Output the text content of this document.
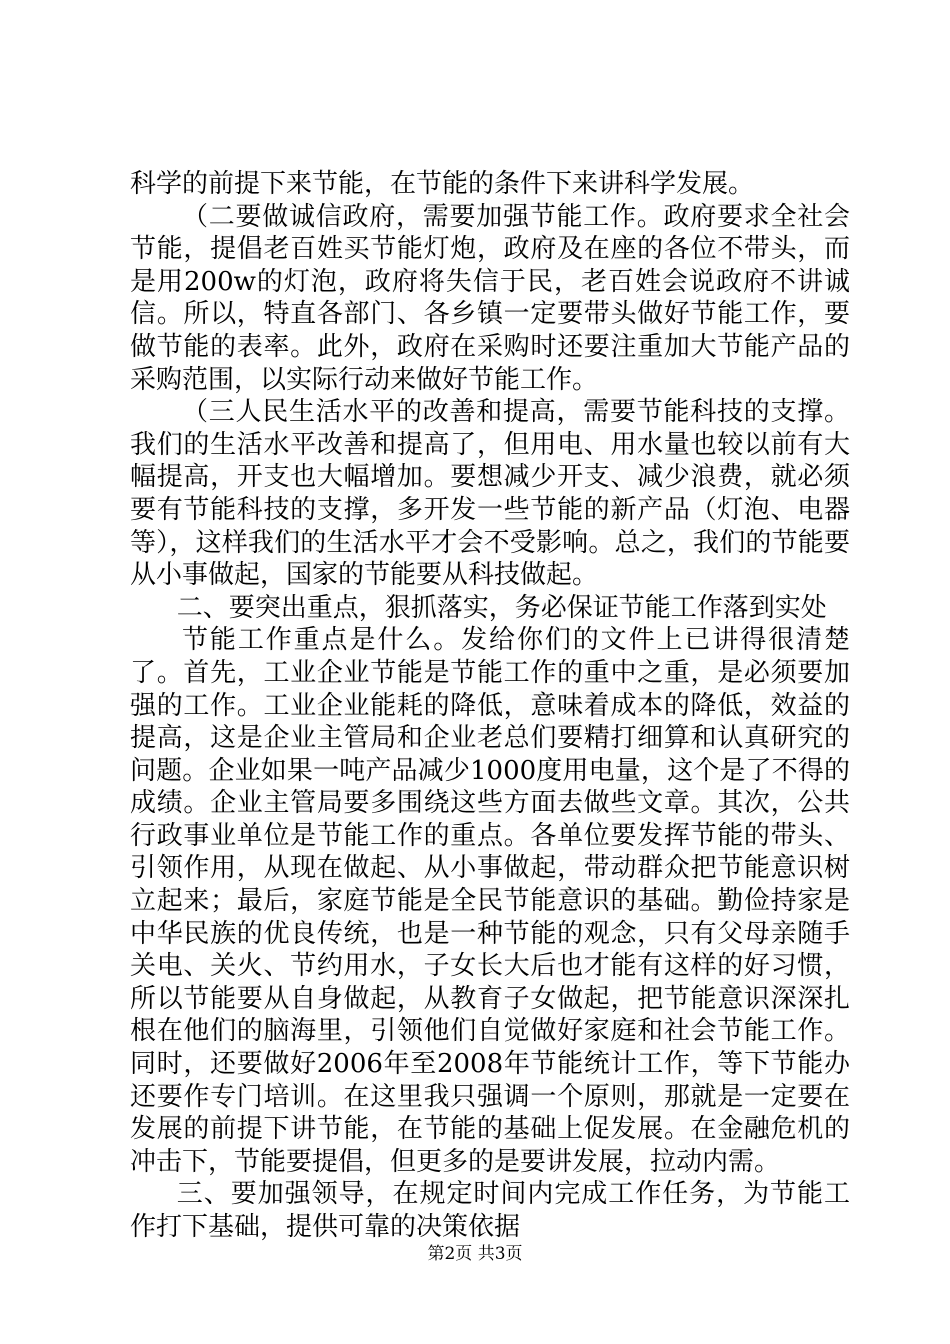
科学的前提下来节能，在节能的条件下来讲科学发展。

（二要做诚信政府，需要加强节能工作。政府要求全社会节能，提倡老百姓买节能灯炮，政府及在座的各位不带头，而是用200w的灯泡，政府将失信于民，老百姓会说政府不讲诚信。所以，特直各部门、各乡镇一定要带头做好节能工作，要做节能的表率。此外，政府在采购时还要注重加大节能产品的采购范围，以实际行动来做好节能工作。

（三人民生活水平的改善和提高，需要节能科技的支撑。我们的生活水平改善和提高了，但用电、用水量也较以前有大幅提高，开支也大幅增加。要想减少开支、减少浪费，就必须要有节能科技的支撑，多开发一些节能的新产品（灯泡、电器等），这样我们的生活水平才会不受影响。总之，我们的节能要从小事做起，国家的节能要从科技做起。

二、要突出重点，狠抓落实，务必保证节能工作落到实处

节能工作重点是什么。发给你们的文件上已讲得很清楚了。首先，工业企业节能是节能工作的重中之重，是必须要加强的工作。工业企业能耗的降低，意味着成本的降低，效益的提高，这是企业主管局和企业老总们要精打细算和认真研究的问题。企业如果一吨产品减少1000度用电量，这个是了不得的成绩。企业主管局要多围绕这些方面去做些文章。其次，公共行政事业单位是节能工作的重点。各单位要发挥节能的带头、引领作用，从现在做起、从小事做起，带动群众把节能意识树立起来；最后，家庭节能是全民节能意识的基础。勤俭持家是中华民族的优良传统，也是一种节能的观念，只有父母亲随手关电、关火、节约用水，子女长大后也才能有这样的好习惯，所以节能要从自身做起，从教育子女做起，把节能意识深深扎根在他们的脑海里，引领他们自觉做好家庭和社会节能工作。同时，还要做好2006年至2008年节能统计工作，等下节能办还要作专门培训。在这里我只强调一个原则，那就是一定要在发展的前提下讲节能，在节能的基础上促发展。在金融危机的冲击下，节能要提倡，但更多的是要讲发展，拉动内需。

三、要加强领导，在规定时间内完成工作任务，为节能工作打下基础，提供可靠的决策依据

第2页 共3页
